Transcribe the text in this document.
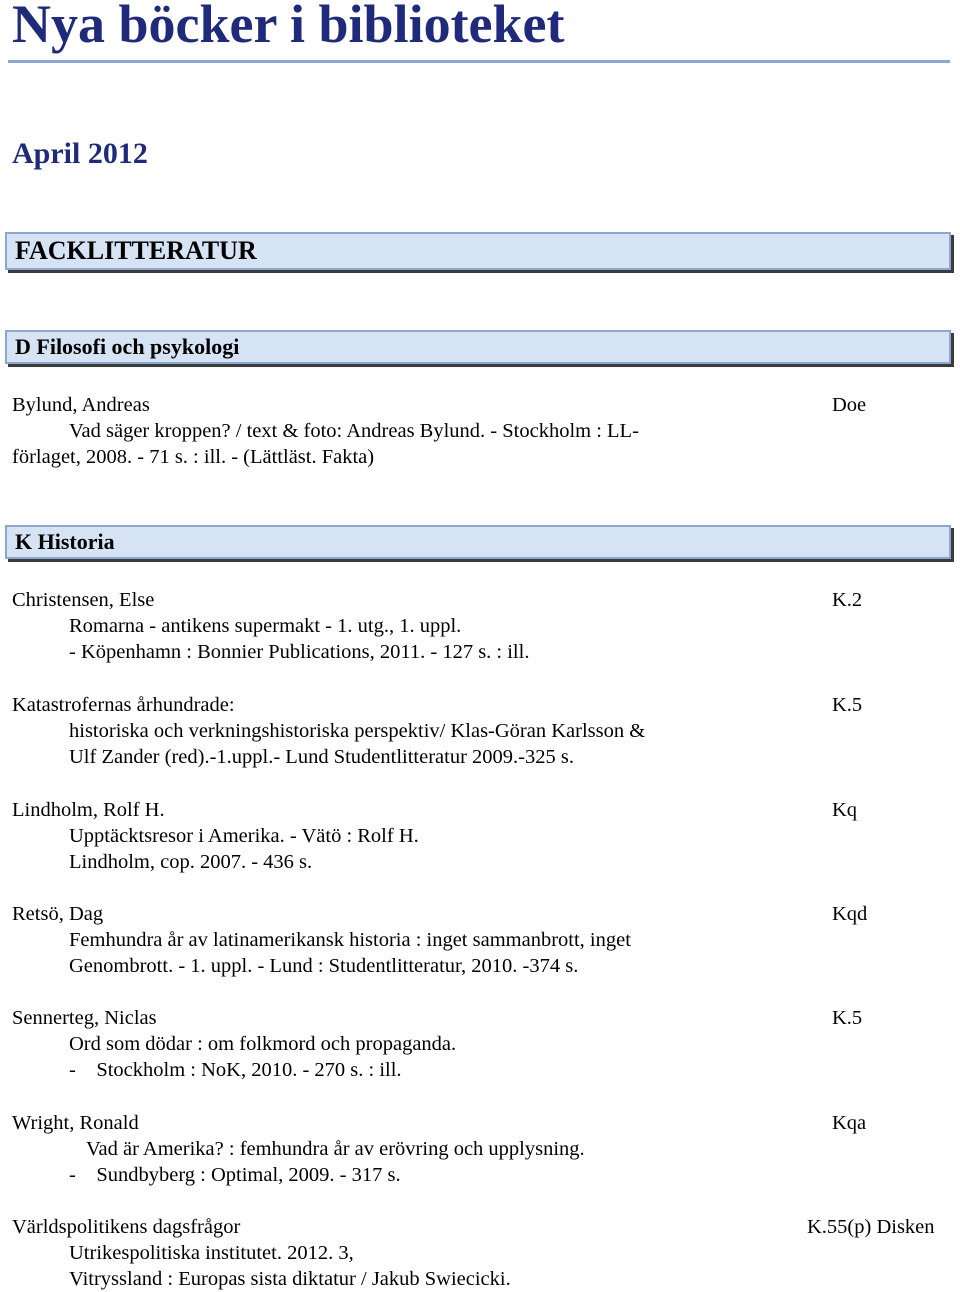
Nya böcker i biblioteket
April 2012
FACKLITTERATUR
D Filosofi och psykologi
Bylund, Andreas	Doe
Vad säger kroppen? / text & foto: Andreas Bylund. - Stockholm : LL-
förlaget, 2008. - 71 s. : ill. - (Lättläst. Fakta)
K Historia
Christensen, Else	K.2
Romarna - antikens supermakt - 1. utg., 1. uppl.
- Köpenhamn : Bonnier Publications, 2011. - 127 s. : ill.
Katastrofernas århundrade:	K.5
historiska och verkningshistoriska perspektiv/ Klas-Göran Karlsson &
Ulf Zander (red).-1.uppl.- Lund Studentlitteratur 2009.-325 s.
Lindholm, Rolf H.	Kq
Upptäcktsresor i Amerika. - Vätö : Rolf H.
Lindholm, cop. 2007. - 436 s.
Retsö, Dag	Kqd
Femhundra år av latinamerikansk historia : inget sammanbrott, inget
Genombrott. - 1. uppl. - Lund : Studentlitteratur, 2010. -374 s.
Sennerteg, Niclas	K.5
Ord som dödar : om folkmord och propaganda.
-    Stockholm : NoK, 2010. - 270 s. : ill.
Wright, Ronald	Kqa
Vad är Amerika? : femhundra år av erövring och upplysning.
-    Sundbyberg : Optimal, 2009. - 317 s.
Världspolitikens dagsfrågor	K.55(p) Disken
Utrikespolitiska institutet. 2012. 3,
Vitryssland : Europas sista diktatur / Jakub Swiecicki.
